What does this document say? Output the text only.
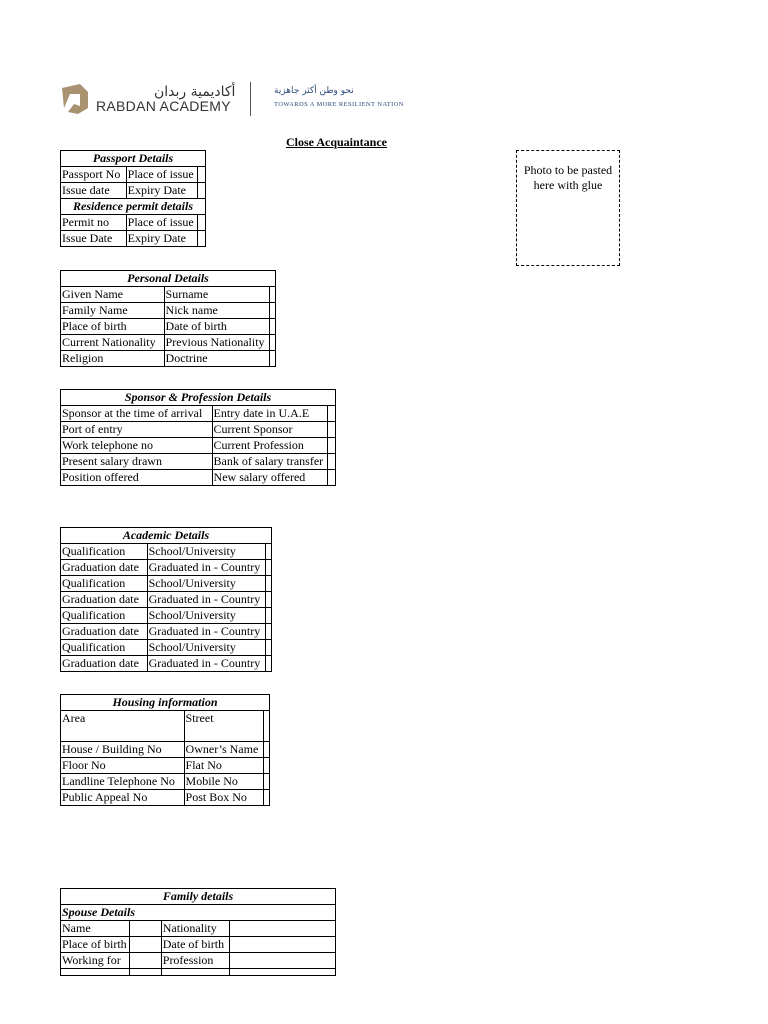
أكاديمية ربدان
RABDAN ACADEMY
نحو وطن أكثر جاهزية
TOWARDS A MORE RESILIENT NATION
Close Acquaintance
Photo to be pasted here with glue
Passport Details		
Passport No	Place of issue	
Issue date	Expiry Date	
Residence permit details		
Permit no	Place of issue	
Issue Date	Expiry Date	
Personal Details		
Given Name	Surname	
Family Name	Nick name	
Place of birth	Date of birth	
Current Nationality	Previous Nationality	
Religion	Doctrine	
Sponsor & Profession Details		
Sponsor at the time of arrival	Entry date in U.A.E	
Port of entry	Current Sponsor	
Work telephone no	Current Profession	
Present salary drawn	Bank of salary transfer	
Position offered	New salary offered	
Academic Details		
Qualification	School/University	
Graduation date	Graduated in - Country	
Qualification	School/University	
Graduation date	Graduated in - Country	
Qualification	School/University	
Graduation date	Graduated in - Country	
Qualification	School/University	
Graduation date	Graduated in - Country	
Housing information		
Area	Street	
House / Building No	Owner’s Name	
Floor No	Flat No	
Landline Telephone No	Mobile No	
Public Appeal No	Post Box No	
Family details			
Spouse Details			
Name		Nationality	
Place of birth		Date of birth	
Working for		Profession	
